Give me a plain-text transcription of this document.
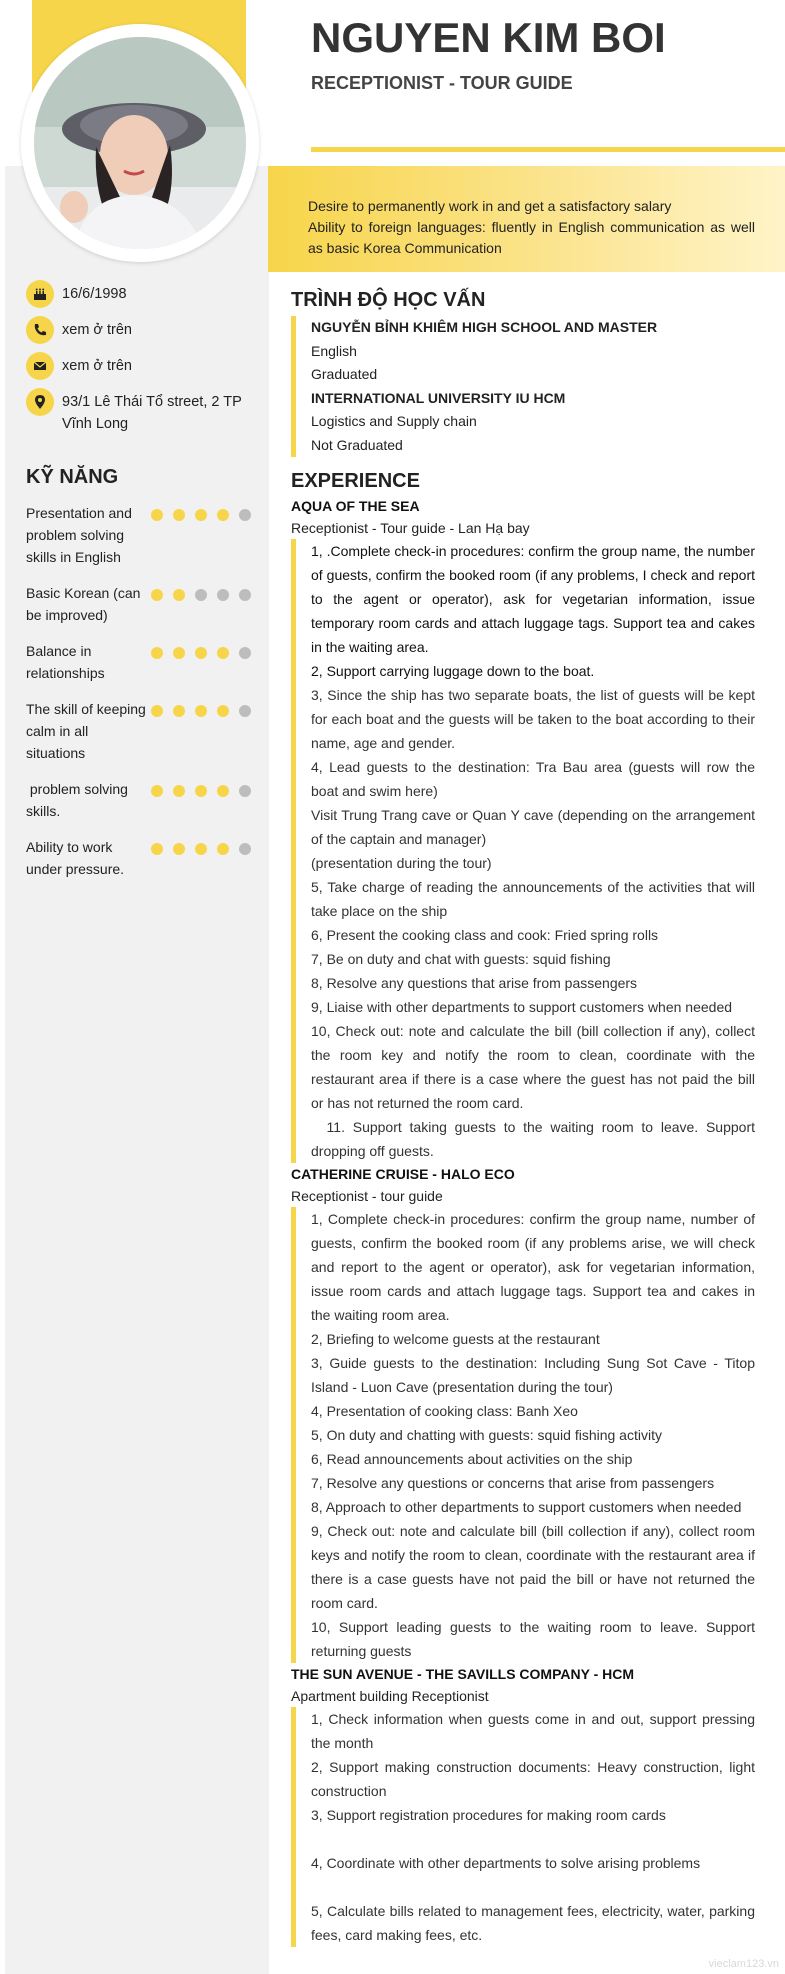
16/6/1998
xem ở trên
xem ở trên
93/1 Lê Thái Tổ street, 2 TP Vĩnh Long
KỸ NĂNG
Presentation and problem solving skills in English
Basic Korean (can be improved)
Balance in relationships
The skill of keeping calm in all situations
problem solving skills.
Ability to work under pressure.
NGUYEN KIM BOI
RECEPTIONIST - TOUR GUIDE
Desire to permanently work in and get a satisfactory salary
Ability to foreign languages: fluently in English communication as well as basic Korea Communication
TRÌNH ĐỘ HỌC VẤN
NGUYỄN BỈNH KHIÊM HIGH SCHOOL AND MASTER
English
Graduated
INTERNATIONAL UNIVERSITY IU HCM
Logistics and Supply chain
Not Graduated
EXPERIENCE
AQUA OF THE SEA
Receptionist - Tour guide - Lan Hạ bay
1, .Complete check-in procedures: confirm the group name, the number of guests, confirm the booked room (if any problems, I check and report to the agent or operator), ask for vegetarian information, issue temporary room cards and attach luggage tags. Support tea and cakes in the waiting area.
2, Support carrying luggage down to the boat.
3, Since the ship has two separate boats, the list of guests will be kept for each boat and the guests will be taken to the boat according to their name, age and gender.
4, Lead guests to the destination: Tra Bau area (guests will row the boat and swim here)
Visit Trung Trang cave or Quan Y cave (depending on the arrangement of the captain and manager)
(presentation during the tour)
5, Take charge of reading the announcements of the activities that will take place on the ship
6, Present the cooking class and cook: Fried spring rolls
7, Be on duty and chat with guests: squid fishing
8, Resolve any questions that arise from passengers
9, Liaise with other departments to support customers when needed
10, Check out: note and calculate the bill (bill collection if any), collect the room key and notify the room to clean, coordinate with the restaurant area if there is a case where the guest has not paid the bill or has not returned the room card.
11. Support taking guests to the waiting room to leave. Support dropping off guests.
CATHERINE CRUISE - HALO ECO
Receptionist - tour guide
1, Complete check-in procedures: confirm the group name, number of guests, confirm the booked room (if any problems arise, we will check and report to the agent or operator), ask for vegetarian information, issue room cards and attach luggage tags. Support tea and cakes in the waiting room area.
2, Briefing to welcome guests at the restaurant
3, Guide guests to the destination: Including Sung Sot Cave - Titop Island - Luon Cave (presentation during the tour)
4, Presentation of cooking class: Banh Xeo
5, On duty and chatting with guests: squid fishing activity
6, Read announcements about activities on the ship
7, Resolve any questions or concerns that arise from passengers
8, Approach to other departments to support customers when needed
9, Check out: note and calculate bill (bill collection if any), collect room keys and notify the room to clean, coordinate with the restaurant area if there is a case guests have not paid the bill or have not returned the room card.
10, Support leading guests to the waiting room to leave. Support returning guests
THE SUN AVENUE - THE SAVILLS COMPANY - HCM
Apartment building Receptionist
1, Check information when guests come in and out, support pressing the month
2, Support making construction documents: Heavy construction, light construction
3, Support registration procedures for making room cards
4, Coordinate with other departments to solve arising problems
5, Calculate bills related to management fees, electricity, water, parking fees, card making fees, etc.
vieclam123.vn
